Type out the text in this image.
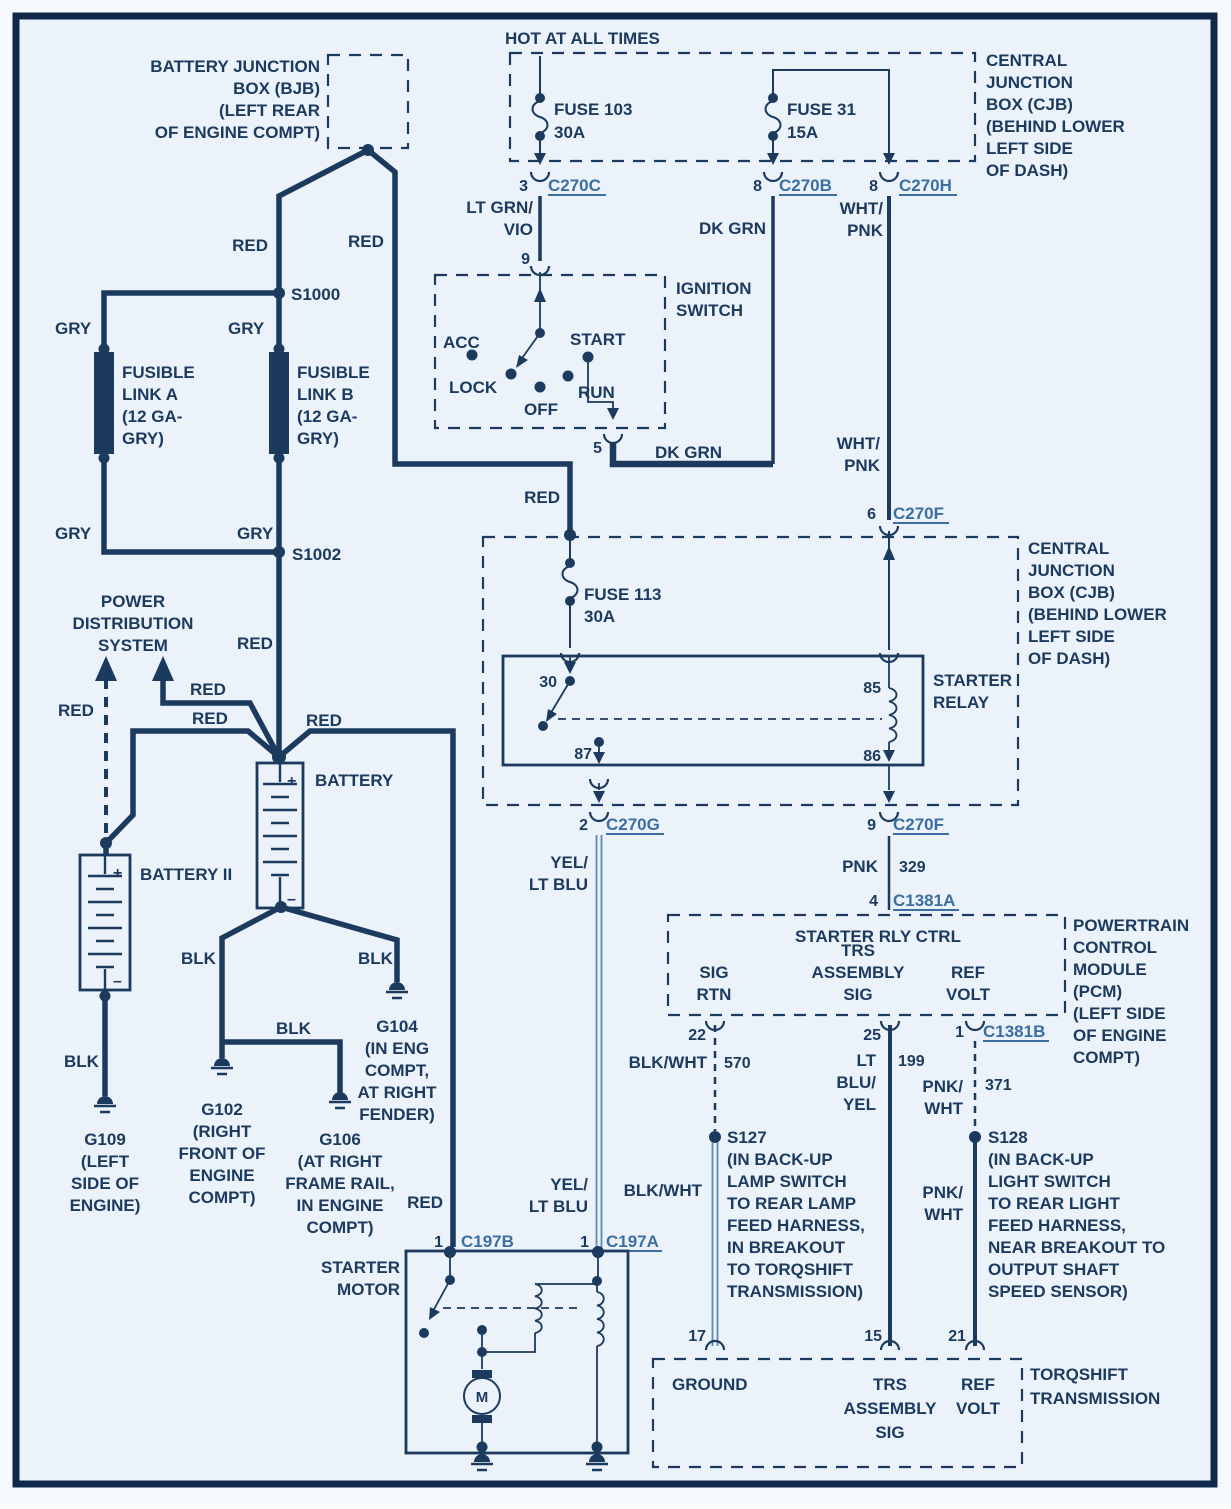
HOT AT ALL TIMES
CENTRAL
JUNCTION
BOX (CJB)
(BEHIND LOWER
LEFT SIDE
OF DASH)
FUSE 103
30A
FUSE 31
15A
3 C270C	8 C270B 8 C270H
BATTERY JUNCTION
BOX (BJB)
(LEFT REAR
OF ENGINE COMPT)
RED	RED
RED
S1000
GRY	GRY
FUSIBLE
LINK A
(12 GA-
GRY)
FUSIBLE
LINK B
(12 GA-
GRY)
GRY	GRY
S1002
RED
POWER
DISTRIBUTION
SYSTEM
RED
RED
RED	RED
+
–
BATTERY
+
–
BATTERY II
BLK
BLK	BLK
BLK
G109
(LEFT
SIDE OF
ENGINE)
G102
(RIGHT
FRONT OF
ENGINE
COMPT)
G104
(IN ENG
COMPT,
AT RIGHT
FENDER)
G106
(AT RIGHT
FRAME RAIL,
IN ENGINE
COMPT)
LT GRN/
VIO
9
IGNITION
SWITCH
ACC
LOCK
OFF
RUN
START
5
DK GRN
DK GRN
WHT/
PNK
WHT/
PNK
6 C270F
CENTRAL
JUNCTION
BOX (CJB)
(BEHIND LOWER
LEFT SIDE
OF DASH)
FUSE 113
30A
STARTER
RELAY
30
87
85
86
2 C270G	9 C270F
PNK 329
4 C1381A
YEL/
LT BLU
YEL/
LT BLU
STARTER RLY CTRL
SIG
RTN
TRS
ASSEMBLY
SIG
REF
VOLT
POWERTRAIN
CONTROL
MODULE
(PCM)
(LEFT SIDE
OF ENGINE
COMPT)
22	25	1 C1381B
BLK/WHT 570
BLK/WHT
S127
(IN BACK-UP
LAMP SWITCH
TO REAR LAMP
FEED HARNESS,
IN BREAKOUT
TO TORQSHIFT
TRANSMISSION)
LT 199
BLU/
YEL
PNK/
WHT
371
PNK/
WHT
S128
(IN BACK-UP
LIGHT SWITCH
TO REAR LIGHT
FEED HARNESS,
NEAR BREAKOUT TO
OUTPUT SHAFT
SPEED SENSOR)
17	15	21
GROUND	TRS
ASSEMBLY
SIG
REF
VOLT
TORQSHIFT
TRANSMISSION
RED
1 C197B	1 C197A
STARTER
MOTOR
M
